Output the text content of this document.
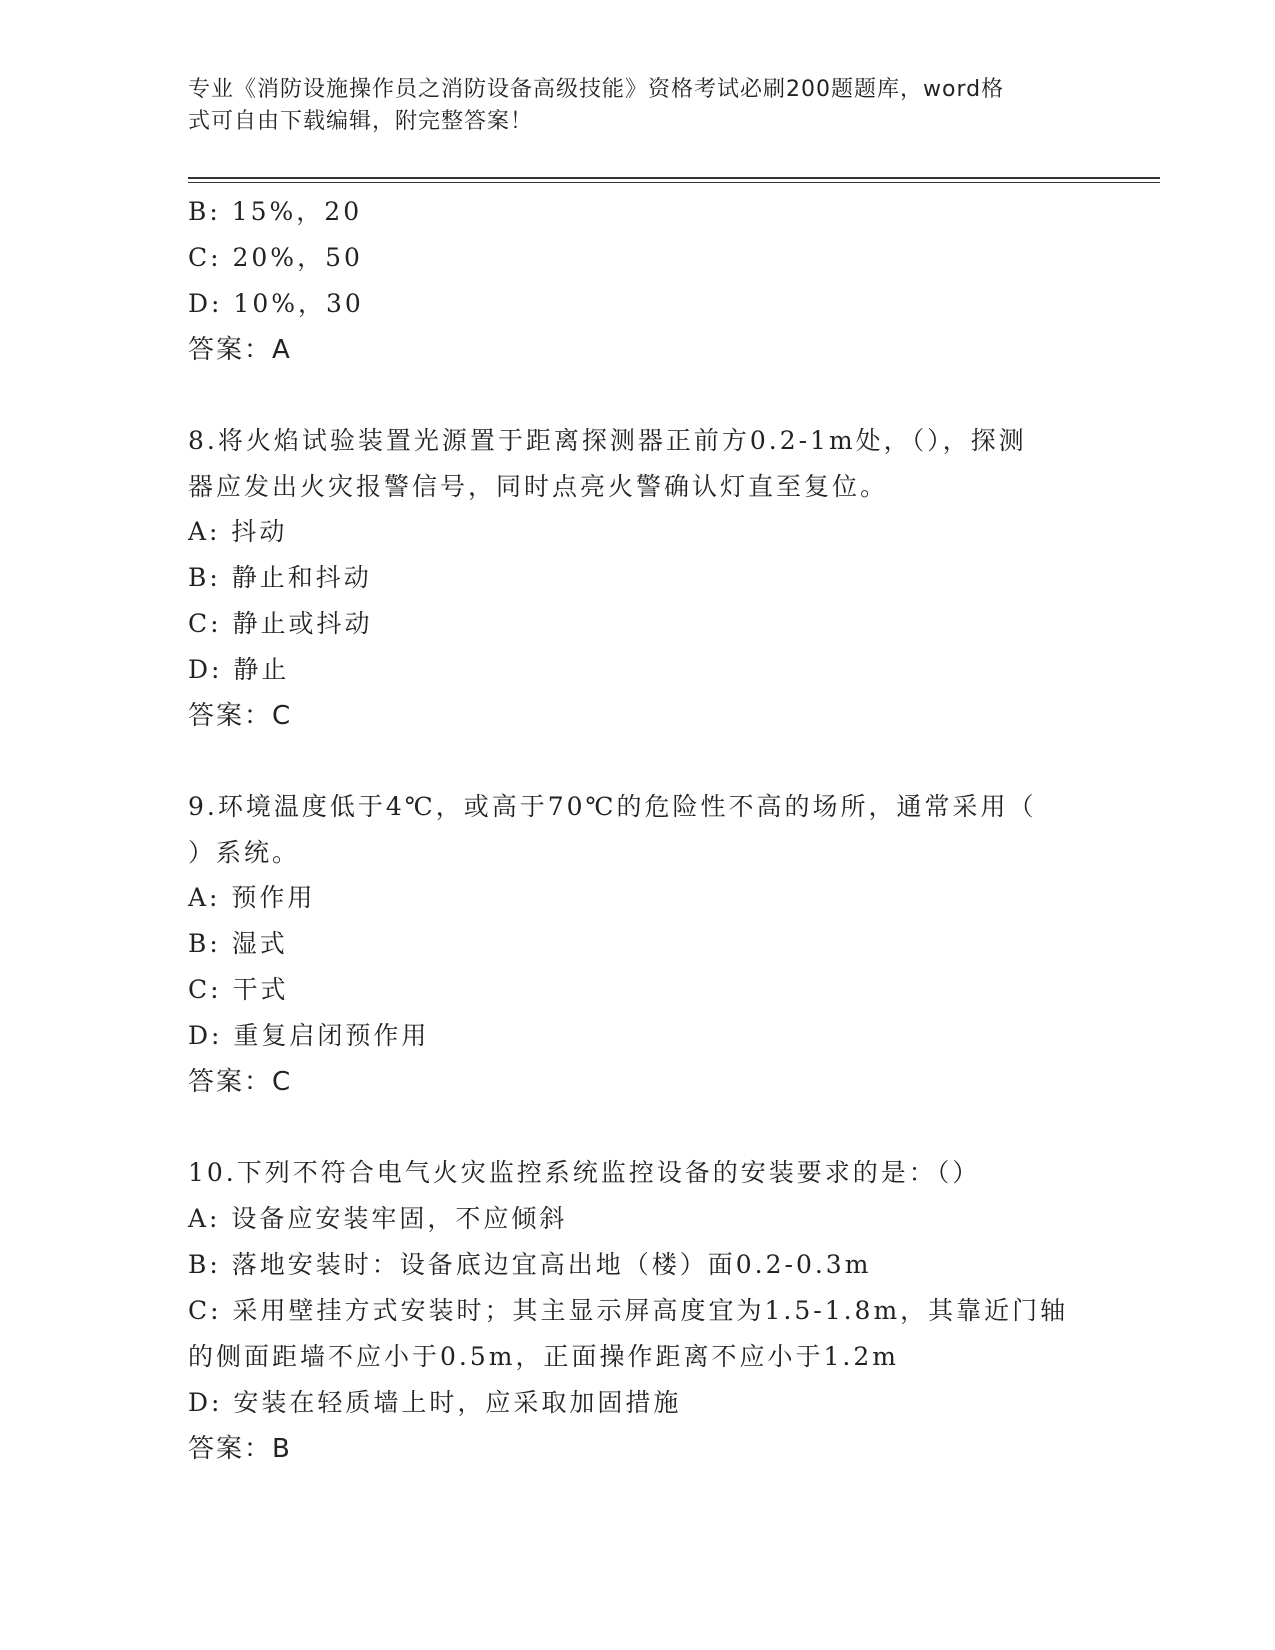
专业《消防设施操作员之消防设备高级技能》资格考试必刷200题题库，word格
式可自由下载编辑，附完整答案！
B: 15%，20
C: 20%，50
D: 10%，30
答案：A
8.将火焰试验装置光源置于距离探测器正前方0.2-1m处，（），探测
器应发出火灾报警信号，同时点亮火警确认灯直至复位。
A: 抖动
B: 静止和抖动
C: 静止或抖动
D: 静止
答案：C
9.环境温度低于4℃，或高于70℃的危险性不高的场所，通常采用（
）系统。
A: 预作用
B: 湿式
C: 干式
D: 重复启闭预作用
答案：C
10.下列不符合电气火灾监控系统监控设备的安装要求的是：（）
A: 设备应安装牢固，不应倾斜
B: 落地安装时：设备底边宜高出地（楼）面0.2-0.3m
C: 采用壁挂方式安装时；其主显示屏高度宜为1.5-1.8m，其靠近门轴
的侧面距墙不应小于0.5m，正面操作距离不应小于1.2m
D: 安装在轻质墙上时，应采取加固措施
答案：B
